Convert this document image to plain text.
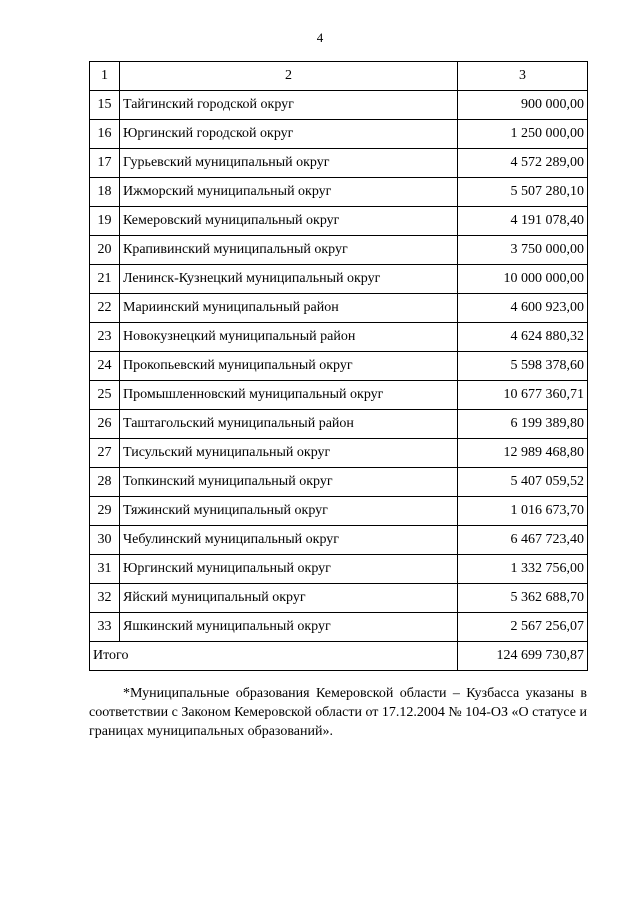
4
1	2	3
15	Тайгинский городской округ	900 000,00
16	Юргинский городской округ	1 250 000,00
17	Гурьевский муниципальный округ	4 572 289,00
18	Ижморский муниципальный округ	5 507 280,10
19	Кемеровский муниципальный округ	4 191 078,40
20	Крапивинский муниципальный округ	3 750 000,00
21	Ленинск-Кузнецкий муниципальный округ	10 000 000,00
22	Мариинский муниципальный район	4 600 923,00
23	Новокузнецкий муниципальный район	4 624 880,32
24	Прокопьевский муниципальный округ	5 598 378,60
25	Промышленновский муниципальный округ	10 677 360,71
26	Таштагольский муниципальный район	6 199 389,80
27	Тисульский муниципальный округ	12 989 468,80
28	Топкинский муниципальный округ	5 407 059,52
29	Тяжинский муниципальный округ	1 016 673,70
30	Чебулинский муниципальный округ	6 467 723,40
31	Юргинский муниципальный округ	1 332 756,00
32	Яйский муниципальный округ	5 362 688,70
33	Яшкинский муниципальный округ	2 567 256,07
Итого		124 699 730,87
*Муниципальные образования Кемеровской области – Кузбасса указаны в соответствии с Законом Кемеровской области от 17.12.2004 № 104-ОЗ «О статусе и границах муниципальных образований».
